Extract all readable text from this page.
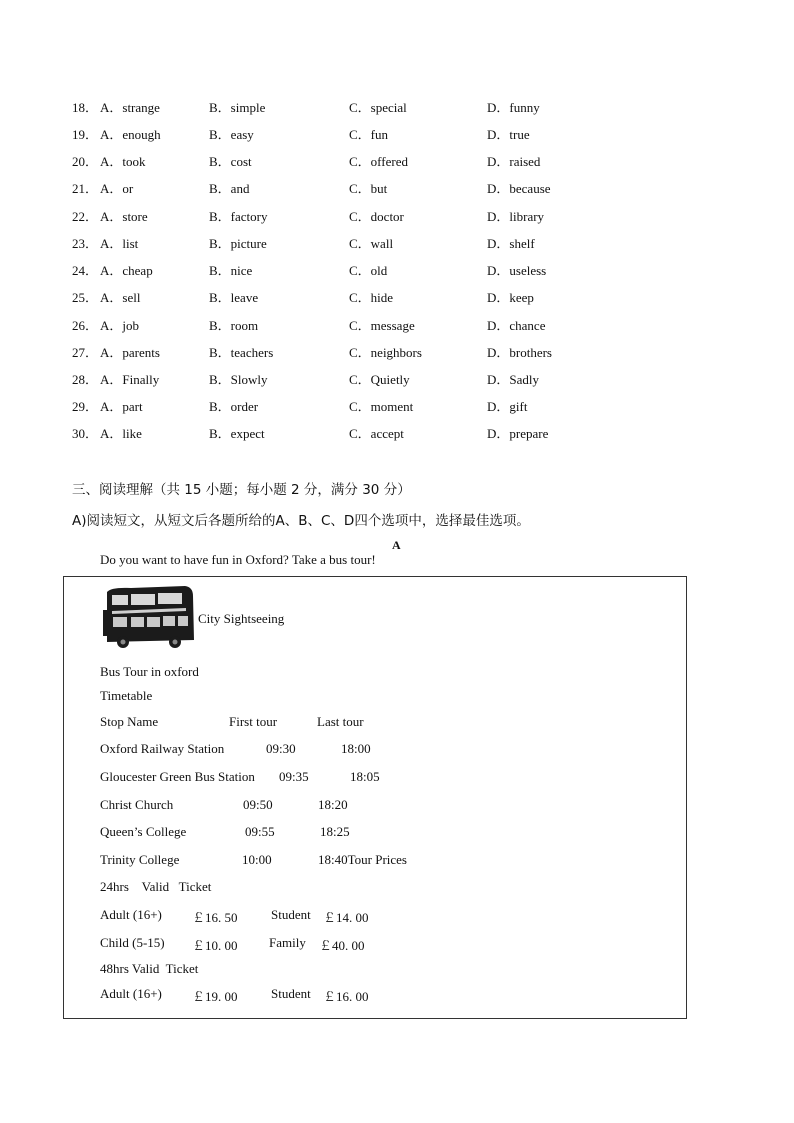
18． A．strange	B．simple	C．special	D．funny
19． A．enough	B．easy	C．fun	D．true
20． A．took	B．cost	C．offered	D．raised
21． A．or	B．and	C．but	D．because
22． A．store	B．factory	C．doctor	D．library
23． A．list	B．picture	C．wall	D．shelf
24． A．cheap	B．nice	C．old	D．useless
25． A．sell	B．leave	C．hide	D．keep
26． A．job	B．room	C．message	D．chance
27． A．parents	B．teachers	C．neighbors	D．brothers
28． A．Finally	B．Slowly	C．Quietly	D．Sadly
29． A．part	B．order	C．moment	D．gift
30． A．like	B．expect	C．accept	D．prepare
三、阅读理解（共 15 小题；每小题 2 分，满分 30 分）
A)阅读短文，从短文后各题所给的A、B、C、D四个选项中，选择最佳选项。
A
Do you want to have fun in Oxford? Take a bus tour!
City Sightseeing
Bus Tour in oxford
Timetable
Stop Name	First tour	Last tour
Oxford Railway Station	09:30	18:00
Gloucester Green Bus Station 09:35	18:05
Christ Church	09:50	18:20
Queen’s College	09:55	18:25
Trinity College	10:00	18:40Tour Prices
24hrs    Valid   Ticket
Adult (16+) ￡16. 50	Student ￡14. 00
Child (5-15) ￡10. 00 Family ￡40. 00
48hrs Valid  Ticket
Adult (16+) ￡19. 00	Student ￡16. 00
